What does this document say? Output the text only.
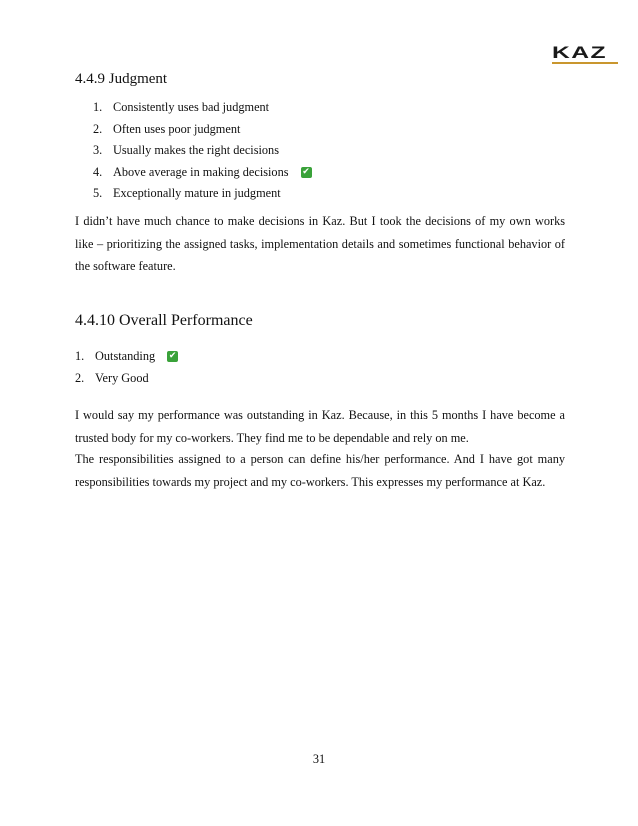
KAZ
4.4.9 Judgment
1. Consistently uses bad judgment
2. Often uses poor judgment
3. Usually makes the right decisions
4. Above average in making decisions ✔
5. Exceptionally mature in judgment

I didn’t have much chance to make decisions in Kaz. But I took the decisions of my own works like – prioritizing the assigned tasks, implementation details and sometimes functional behavior of the software feature.

4.4.10 Overall Performance
1. Outstanding ✔
2. Very Good

I would say my performance was outstanding in Kaz. Because, in this 5 months I have become a trusted body for my co-workers. They find me to be dependable and rely on me.

The responsibilities assigned to a person can define his/her performance. And I have got many responsibilities towards my project and my co-workers. This expresses my performance at Kaz.

31
